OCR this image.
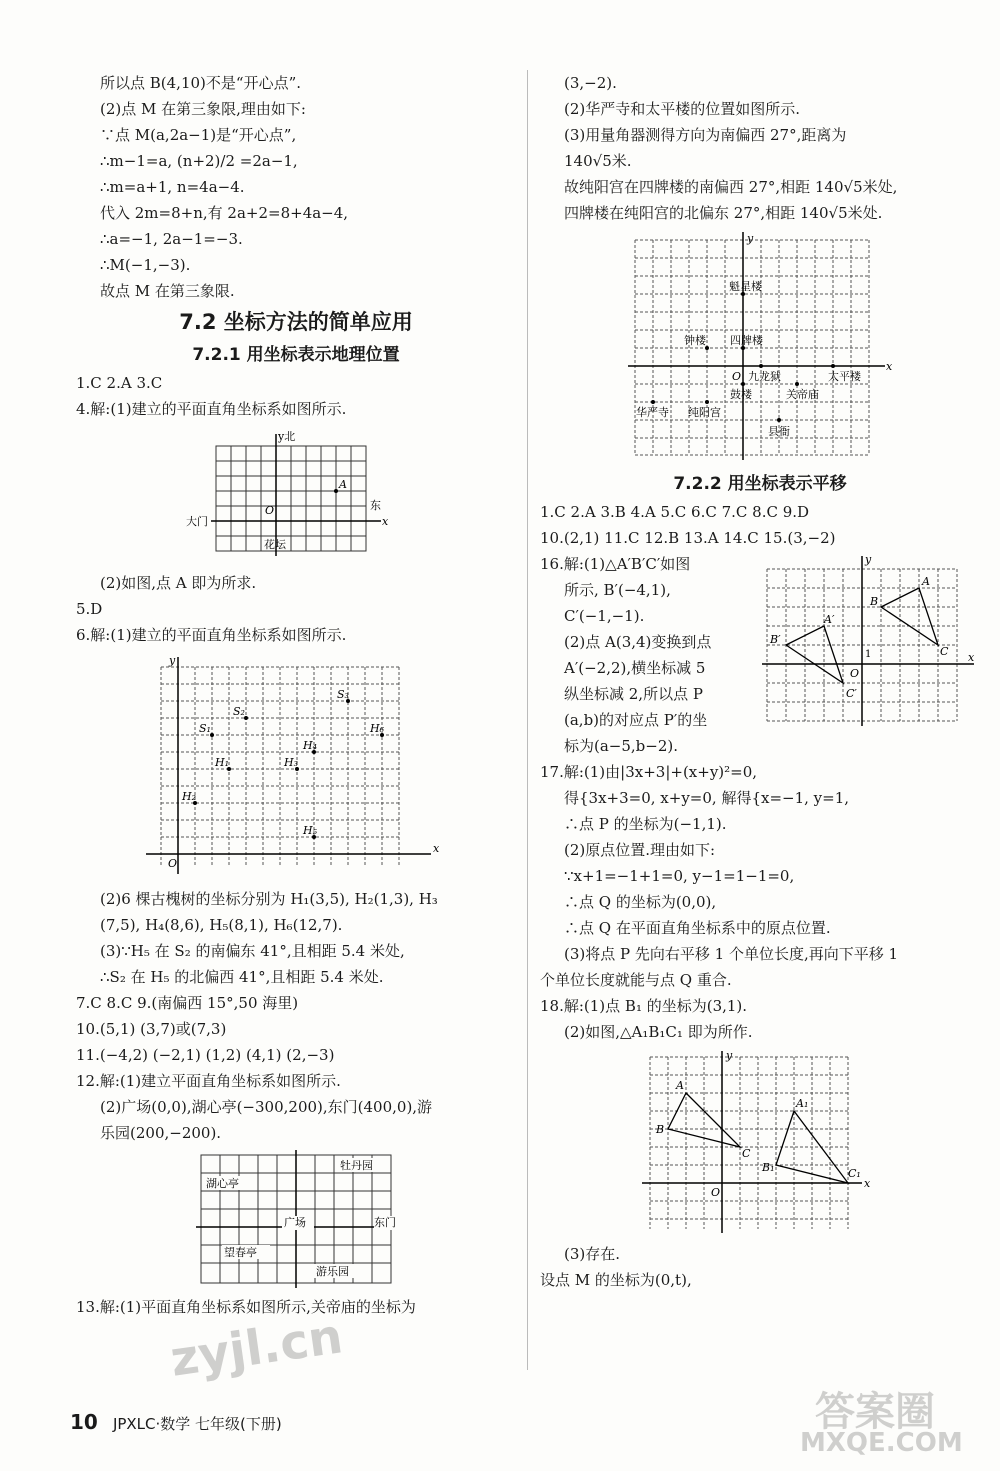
所以点 B(4,10)不是“开心点”.
(2)点 M 在第三象限,理由如下:
∵点 M(a,2a−1)是“开心点”,
∴m−1=a, (n+2)/2 =2a−1,
∴m=a+1, n=4a−4.
代入 2m=8+n,有 2a+2=8+4a−4,
∴a=−1, 2a−1=−3.
∴M(−1,−3).
故点 M 在第三象限.
7.2 坐标方法的简单应用
7.2.1 用坐标表示地理位置
1.C 2.A 3.C
4.解:(1)建立的平面直角坐标系如图所示.
y北
东
x
大门
O
A
花坛
(2)如图,点 A 即为所求.
5.D
6.解:(1)建立的平面直角坐标系如图所示.
y
x
O
S₁
S₂
S₃
H₁
H₂
H₃
H₄
H₅
H₆
(2)6 棵古槐树的坐标分别为 H₁(3,5), H₂(1,3), H₃
(7,5), H₄(8,6), H₅(8,1), H₆(12,7).
(3)∵H₅ 在 S₂ 的南偏东 41°,且相距 5.4 米处,
∴S₂ 在 H₅ 的北偏西 41°,且相距 5.4 米处.
7.C 8.C 9.(南偏西 15°,50 海里)
10.(5,1) (3,7)或(7,3)
11.(−4,2) (−2,1) (1,2) (4,1) (2,−3)
12.解:(1)建立平面直角坐标系如图所示.
(2)广场(0,0),湖心亭(−300,200),东门(400,0),游
乐园(200,−200).
牡丹园
湖心亭
广场	东门
望春亭
游乐园
13.解:(1)平面直角坐标系如图所示,关帝庙的坐标为
(3,−2).
(2)华严寺和太平楼的位置如图所示.
(3)用量角器测得方向为南偏西 27°,距离为
140√5米.
故纯阳宫在四牌楼的南偏西 27°,相距 140√5米处,
四牌楼在纯阳宫的北偏东 27°,相距 140√5米处.
y
x
O
魁星楼
钟楼 四牌楼
九龙狱	太平楼
鼓楼	关帝庙
华严寺 纯阳宫
县衙
7.2.2 用坐标表示平移
1.C 2.A 3.B 4.A 5.C 6.C 7.C 8.C 9.D
10.(2,1) 11.C 12.B 13.A 14.C 15.(3,−2)
16.解:(1)△A′B′C′如图
所示, B′(−4,1),
C′(−1,−1).
(2)点 A(3,4)变换到点
A′(−2,2),横坐标减 5
纵坐标减 2,所以点 P
(a,b)的对应点 P′的坐
标为(a−5,b−2).
y
x
O
1
A
B
C
A′
B′
C′
17.解:(1)由|3x+3|+(x+y)²=0,
得{3x+3=0, x+y=0, 解得{x=−1, y=1,
∴点 P 的坐标为(−1,1).
(2)原点位置.理由如下:
∵x+1=−1+1=0, y−1=1−1=0,
∴点 Q 的坐标为(0,0),
∴点 Q 在平面直角坐标系中的原点位置.
(3)将点 P 先向右平移 1 个单位长度,再向下平移 1
个单位长度就能与点 Q 重合.
18.解:(1)点 B₁ 的坐标为(3,1).
(2)如图,△A₁B₁C₁ 即为所作.
y
x
O
A
B
C
A₁
B₁	C₁
(3)存在.
设点 M 的坐标为(0,t),
10 JPXLC·数学 七年级(下册)
zyjl.cn
答案圈
MXQE.COM
